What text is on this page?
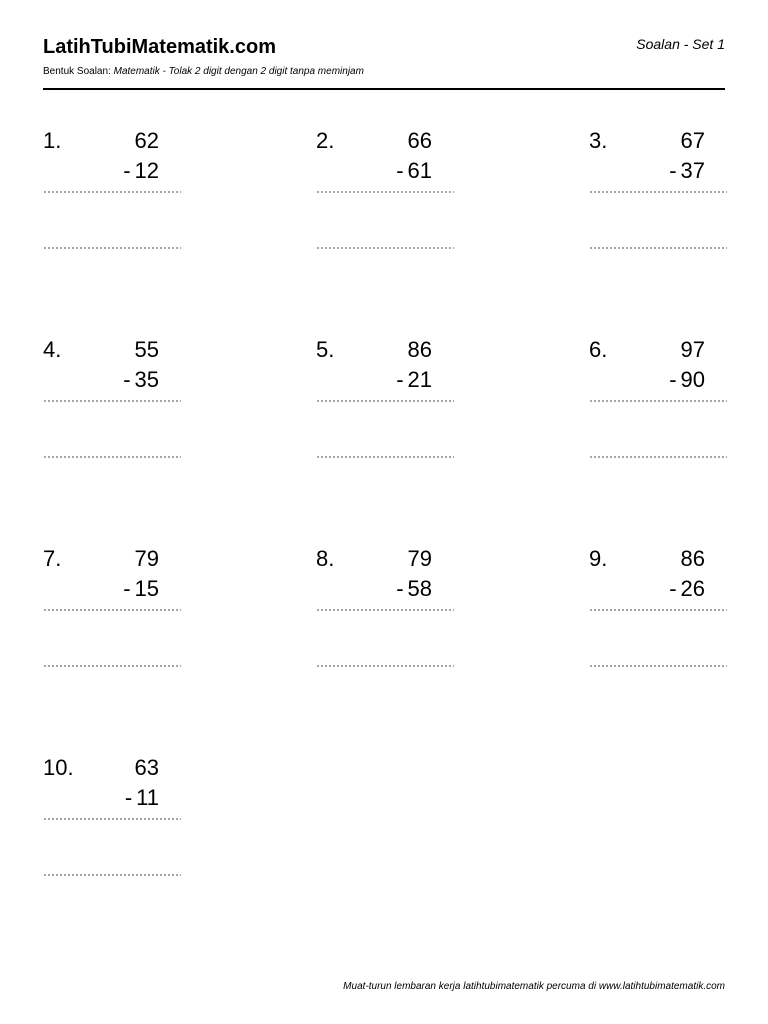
LatihTubiMatematik.com	Soalan - Set 1
Bentuk Soalan: Matematik - Tolak 2 digit dengan 2 digit tanpa meminjam
1.	62
- 12
2.	66
- 61
3.	67
- 37
4.	55
- 35
5.	86
- 21
6.	97
- 90
7.	79
- 15
8.	79
- 58
9.	86
- 26
10.	63
- 11
Muat-turun lembaran kerja latihtubimatematik percuma di www.latihtubimatematik.com
